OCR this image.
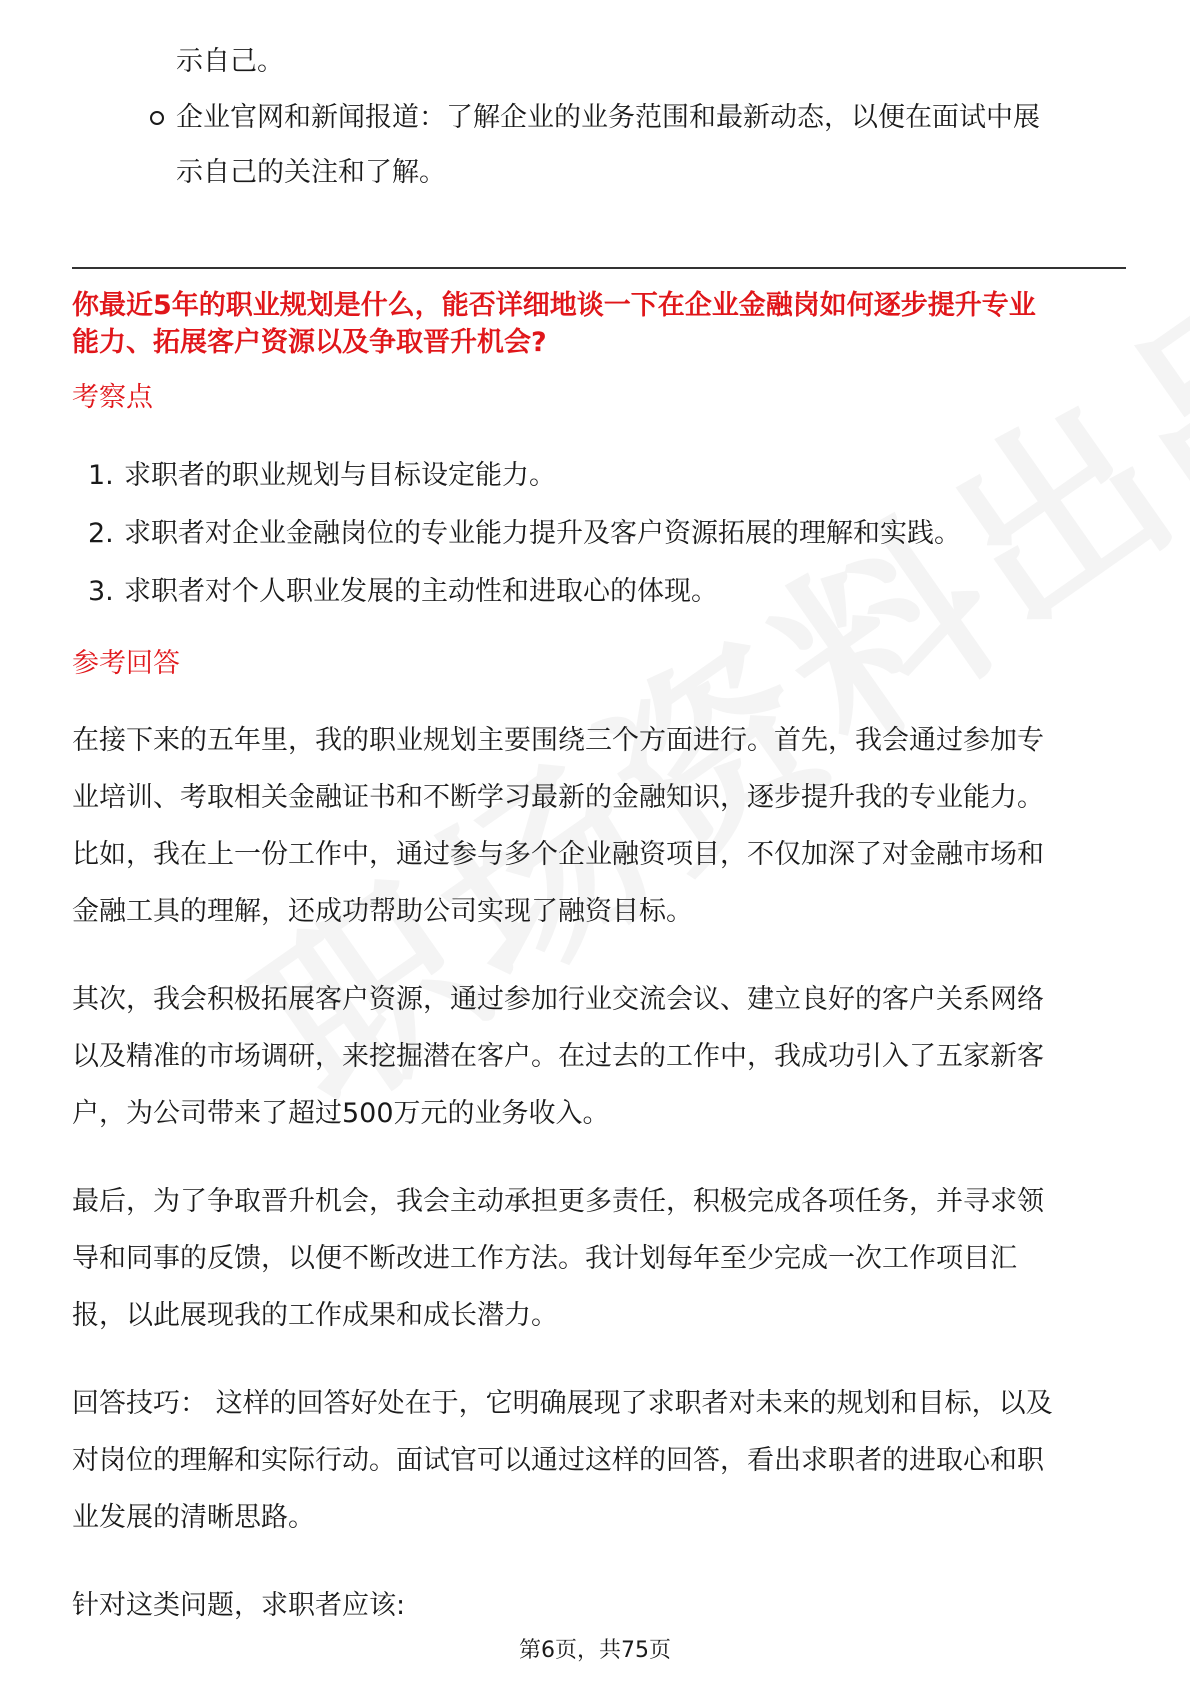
示自己。
企业官网和新闻报道：了解企业的业务范围和最新动态，以便在面试中展
示自己的关注和了解。
你最近5年的职业规划是什么，能否详细地谈一下在企业金融岗如何逐步提升专业
能力、拓展客户资源以及争取晋升机会?
考察点
1. 求职者的职业规划与目标设定能力。
2. 求职者对企业金融岗位的专业能力提升及客户资源拓展的理解和实践。
3. 求职者对个人职业发展的主动性和进取心的体现。
参考回答
在接下来的五年里，我的职业规划主要围绕三个方面进行。首先，我会通过参加专
业培训、考取相关金融证书和不断学习最新的金融知识，逐步提升我的专业能力。
比如，我在上一份工作中，通过参与多个企业融资项目，不仅加深了对金融市场和
金融工具的理解，还成功帮助公司实现了融资目标。
其次，我会积极拓展客户资源，通过参加行业交流会议、建立良好的客户关系网络
以及精准的市场调研，来挖掘潜在客户。在过去的工作中，我成功引入了五家新客
户，为公司带来了超过500万元的业务收入。
最后，为了争取晋升机会，我会主动承担更多责任，积极完成各项任务，并寻求领
导和同事的反馈，以便不断改进工作方法。我计划每年至少完成一次工作项目汇
报，以此展现我的工作成果和成长潜力。
回答技巧： 这样的回答好处在于，它明确展现了求职者对未来的规划和目标，以及
对岗位的理解和实际行动。面试官可以通过这样的回答，看出求职者的进取心和职
业发展的清晰思路。
针对这类问题，求职者应该:
第6页，共75页
